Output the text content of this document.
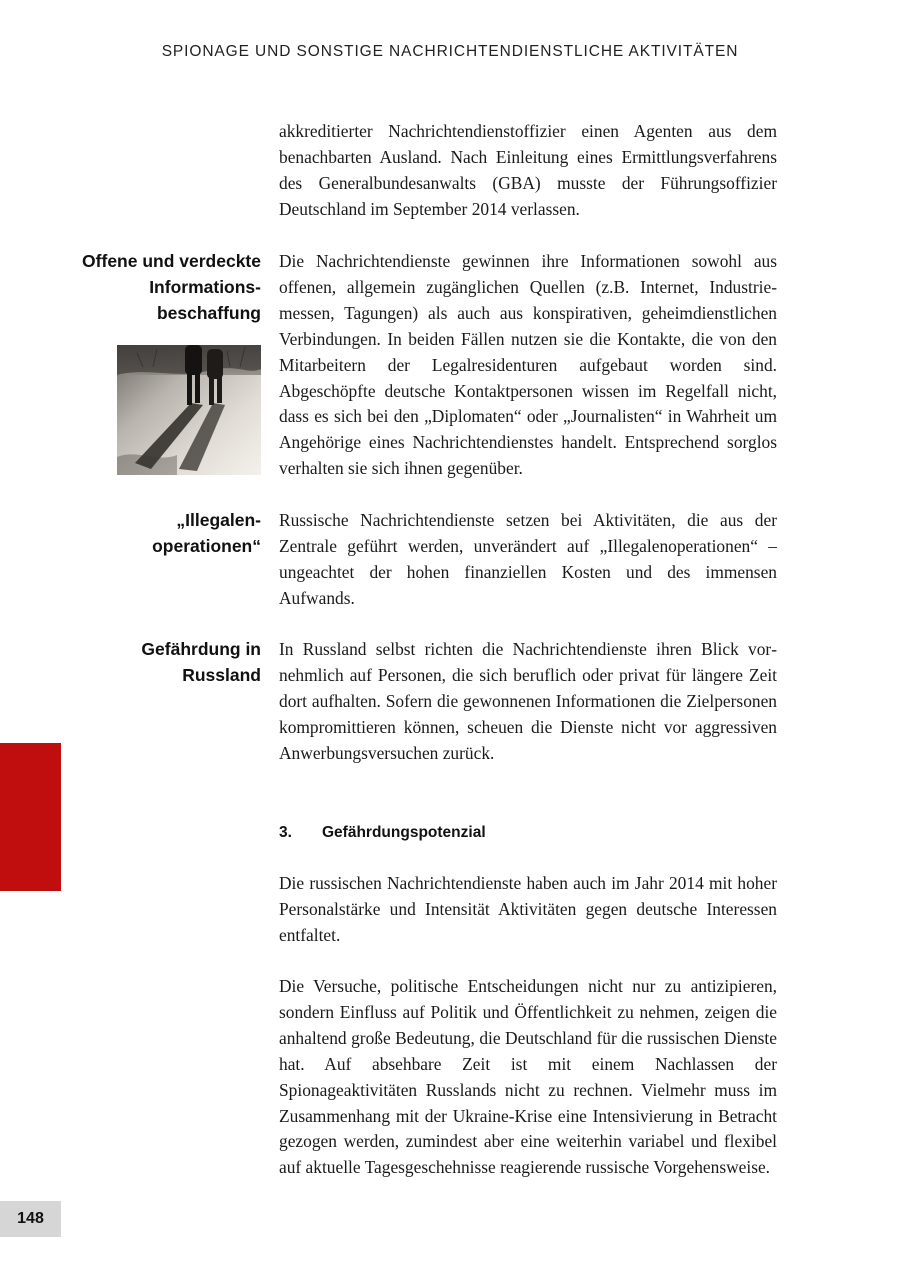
SPIONAGE UND SONSTIGE NACHRICHTENDIENSTLICHE AKTIVITÄTEN

akkreditierter Nachrichtendienstoffizier einen Agenten aus dem benachbarten Ausland. Nach Einleitung eines Ermittlungsverfahrens des Generalbundesanwalts (GBA) musste der Führungsoffizier Deutschland im September 2014 verlassen.

Offene und verdeckte
Informations-
beschaffung

Die Nachrichtendienste gewinnen ihre Informationen sowohl aus offenen, allgemein zugänglichen Quellen (z.B. Internet, Industriemessen, Tagungen) als auch aus konspirativen, geheimdienstlichen Verbindungen. In beiden Fällen nutzen sie die Kontakte, die von den Mitarbeitern der Legalresidenturen aufgebaut worden sind. Abgeschöpfte deutsche Kontaktpersonen wissen im Regelfall nicht, dass es sich bei den „Diplomaten“ oder „Journalisten“ in Wahrheit um Angehörige eines Nachrichtendienstes handelt. Entsprechend sorglos verhalten sie sich ihnen gegenüber.

„Illegalen-
operationen“

Russische Nachrichtendienste setzen bei Aktivitäten, die aus der Zentrale geführt werden, unverändert auf „Illegalenoperationen“ – ungeachtet der hohen finanziellen Kosten und des immensen Aufwands.

Gefährdung in
Russland

In Russland selbst richten die Nachrichtendienste ihren Blick vornehmlich auf Personen, die sich beruflich oder privat für längere Zeit dort aufhalten. Sofern die gewonnenen Informationen die Zielpersonen kompromittieren können, scheuen die Dienste nicht vor aggressiven Anwerbungsversuchen zurück.

3. Gefährdungspotenzial

Die russischen Nachrichtendienste haben auch im Jahr 2014 mit hoher Personalstärke und Intensität Aktivitäten gegen deutsche Interessen entfaltet.

Die Versuche, politische Entscheidungen nicht nur zu antizipieren, sondern Einfluss auf Politik und Öffentlichkeit zu nehmen, zeigen die anhaltend große Bedeutung, die Deutschland für die russischen Dienste hat. Auf absehbare Zeit ist mit einem Nachlassen der Spionageaktivitäten Russlands nicht zu rechnen. Vielmehr muss im Zusammenhang mit der Ukraine-Krise eine Intensivierung in Betracht gezogen werden, zumindest aber eine weiterhin variabel und flexibel auf aktuelle Tagesgeschehnisse reagierende russische Vorgehensweise.

148
